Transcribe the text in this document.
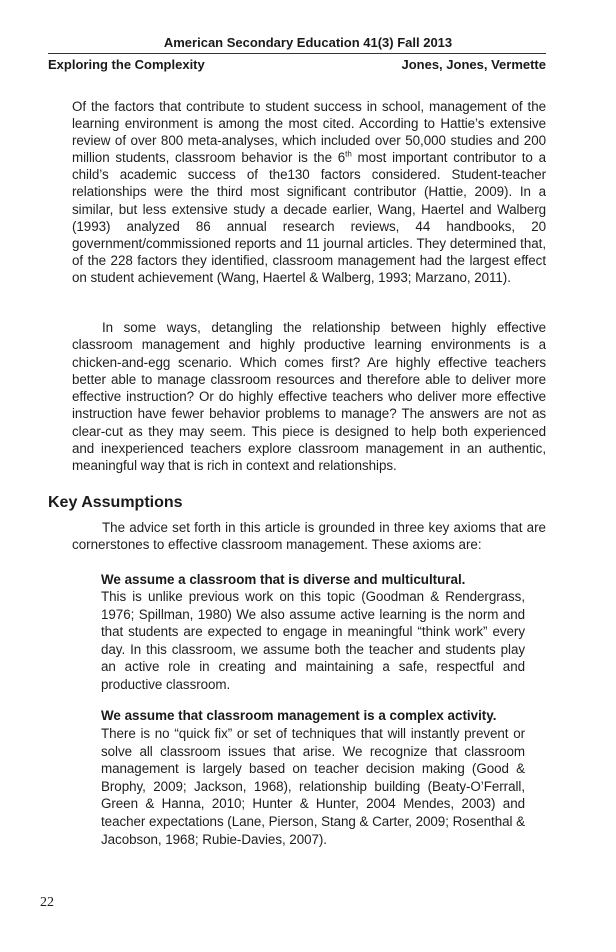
American Secondary Education 41(3) Fall 2013
Exploring the Complexity	Jones, Jones, Vermette

Of the factors that contribute to student success in school, management of the learning environment is among the most cited. According to Hattie’s extensive review of over 800 meta-analyses, which included over 50,000 studies and 200 million students, classroom behavior is the 6th most important contributor to a child’s academic success of the130 factors considered. Student-teacher relationships were the third most significant contributor (Hattie, 2009). In a similar, but less extensive study a decade earlier, Wang, Haertel and Walberg (1993) analyzed 86 annual research reviews, 44 handbooks, 20 government/commissioned reports and 11 journal articles. They determined that, of the 228 factors they identified, classroom management had the largest effect on student achievement (Wang, Haertel & Walberg, 1993; Marzano, 2011).

In some ways, detangling the relationship between highly effective classroom management and highly productive learning environments is a chicken-and-egg scenario. Which comes first? Are highly effective teachers better able to manage classroom resources and therefore able to deliver more effective instruction? Or do highly effective teachers who deliver more effective instruction have fewer behavior problems to manage? The answers are not as clear-cut as they may seem. This piece is designed to help both experienced and inexperienced teachers explore classroom management in an authentic, meaningful way that is rich in context and relationships.

Key Assumptions

The advice set forth in this article is grounded in three key axioms that are cornerstones to effective classroom management. These axioms are:

We assume a classroom that is diverse and multicultural.

This is unlike previous work on this topic (Goodman & Rendergrass, 1976; Spillman, 1980) We also assume active learning is the norm and that students are expected to engage in meaningful “think work” every day. In this classroom, we assume both the teacher and students play an active role in creating and maintaining a safe, respectful and productive classroom.

We assume that classroom management is a complex activity.

There is no “quick fix” or set of techniques that will instantly prevent or solve all classroom issues that arise. We recognize that classroom management is largely based on teacher decision making (Good & Brophy, 2009; Jackson, 1968), relationship building (Beaty-O’Ferrall, Green & Hanna, 2010; Hunter & Hunter, 2004 Mendes, 2003) and teacher expectations (Lane, Pierson, Stang & Carter, 2009; Rosenthal & Jacobson, 1968; Rubie-Davies, 2007).

22
